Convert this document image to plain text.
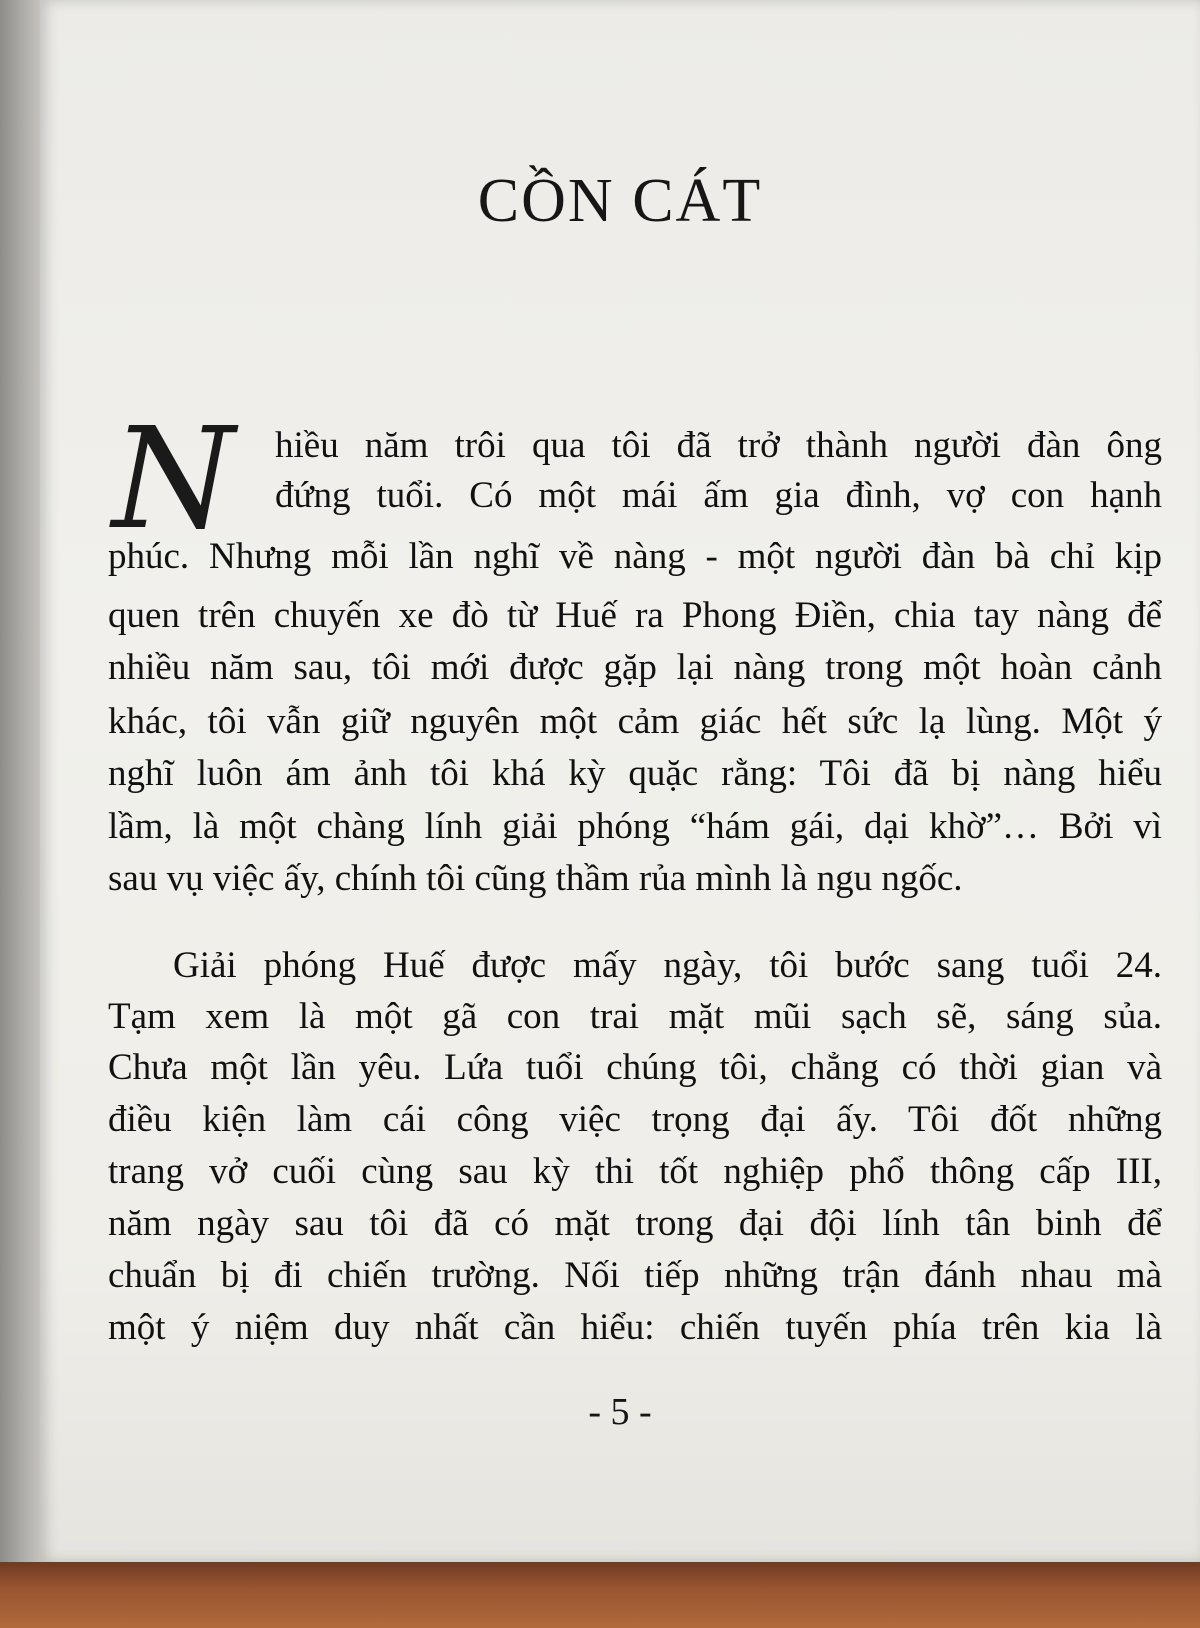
CỒN CÁT
N hiều năm trôi qua tôi đã trở thành người đàn ông
đứng tuổi. Có một mái ấm gia đình, vợ con hạnh
phúc. Nhưng mỗi lần nghĩ về nàng - một người đàn bà chỉ kịp
quen trên chuyến xe đò từ Huế ra Phong Điền, chia tay nàng để
nhiều năm sau, tôi mới được gặp lại nàng trong một hoàn cảnh
khác, tôi vẫn giữ nguyên một cảm giác hết sức lạ lùng. Một ý
nghĩ luôn ám ảnh tôi khá kỳ quặc rằng: Tôi đã bị nàng hiểu
lầm, là một chàng lính giải phóng “hám gái, dại khờ”… Bởi vì
sau vụ việc ấy, chính tôi cũng thầm rủa mình là ngu ngốc.
Giải phóng Huế được mấy ngày, tôi bước sang tuổi 24.
Tạm xem là một gã con trai mặt mũi sạch sẽ, sáng sủa.
Chưa một lần yêu. Lứa tuổi chúng tôi, chẳng có thời gian và
điều kiện làm cái công việc trọng đại ấy. Tôi đốt những
trang vở cuối cùng sau kỳ thi tốt nghiệp phổ thông cấp III,
năm ngày sau tôi đã có mặt trong đại đội lính tân binh để
chuẩn bị đi chiến trường. Nối tiếp những trận đánh nhau mà
một ý niệm duy nhất cần hiểu: chiến tuyến phía trên kia là
- 5 -
